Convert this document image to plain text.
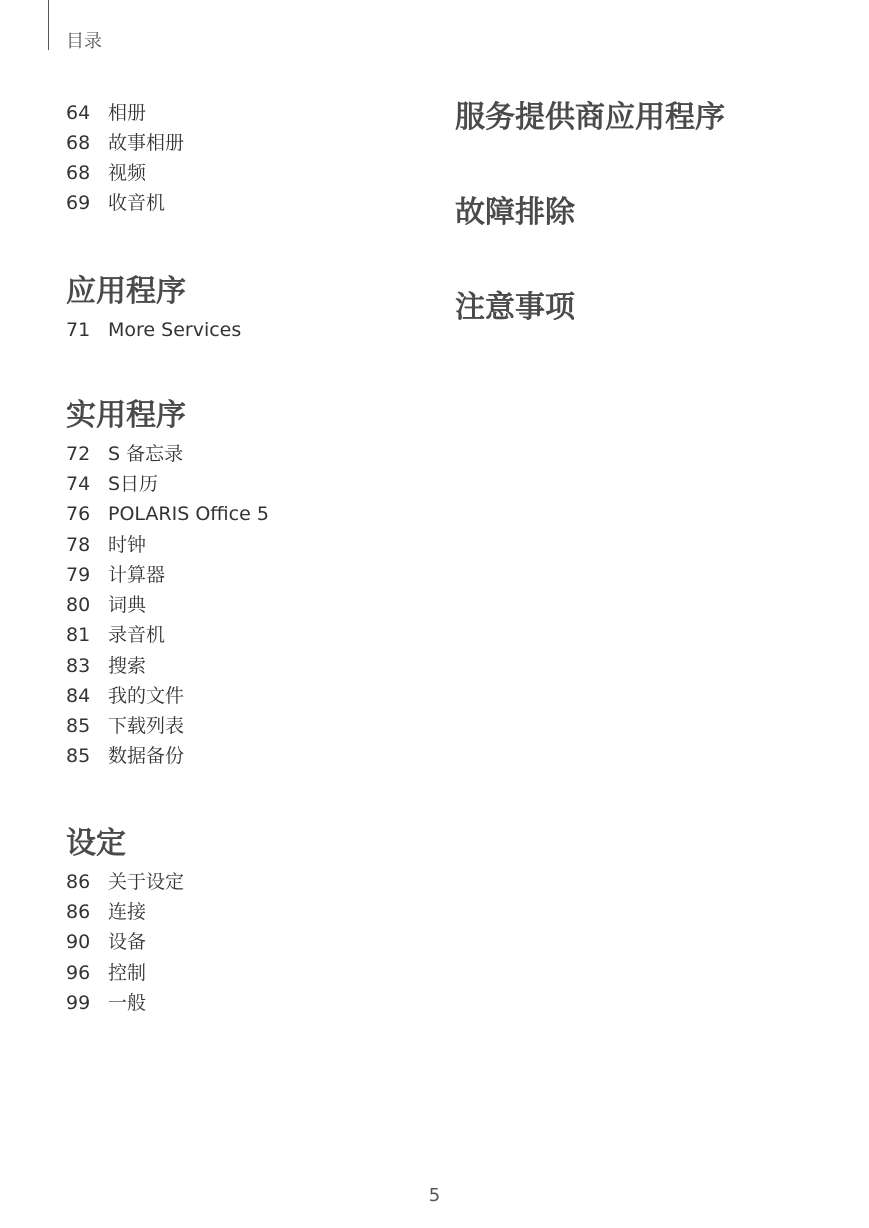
目录
64 相册
68 故事相册
68 视频
69 收音机
应用程序
71 More Services
实用程序
72 S 备忘录
74 S日历
76 POLARIS Office 5
78 时钟
79 计算器
80 词典
81 录音机
83 搜索
84 我的文件
85 下载列表
85 数据备份
设定
86 关于设定
86 连接
90 设备
96 控制
99 一般
服务提供商应用程序
故障排除
注意事项
5
